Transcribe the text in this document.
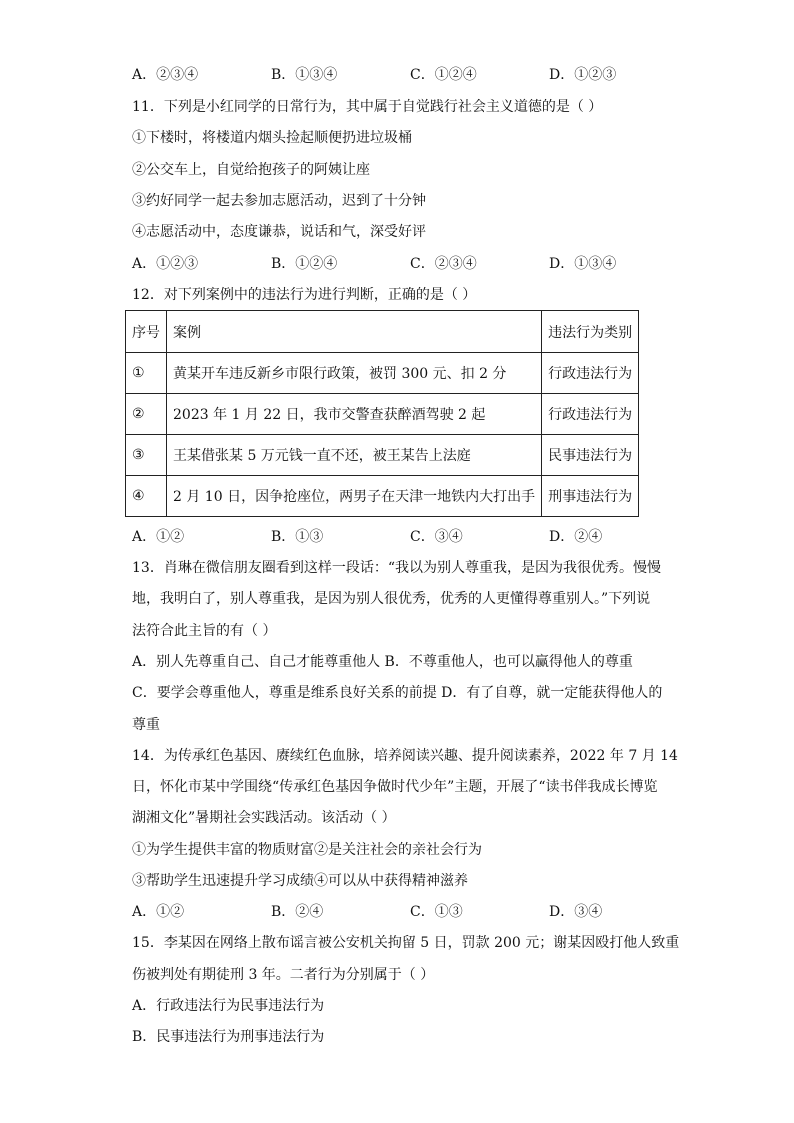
A．②③④	B．①③④	C．①②④	D．①②③
11．下列是小红同学的日常行为，其中属于自觉践行社会主义道德的是（ ）
①下楼时，将楼道内烟头捡起顺便扔进垃圾桶
②公交车上，自觉给抱孩子的阿姨让座
③约好同学一起去参加志愿活动，迟到了十分钟
④志愿活动中，态度谦恭，说话和气，深受好评
A．①②③	B．①②④	C．②③④	D．①③④
12．对下列案例中的违法行为进行判断，正确的是（ ）
序号	案例	违法行为类别
①	黄某开车违反新乡市限行政策，被罚 300 元、扣 2 分	行政违法行为
②	2023 年 1 月 22 日，我市交警查获醉酒驾驶 2 起	行政违法行为
③	王某借张某 5 万元钱一直不还，被王某告上法庭	民事违法行为
④	2 月 10 日，因争抢座位，两男子在天津一地铁内大打出手	刑事违法行为
A．①②	B．①③	C．③④	D．②④
13．肖琳在微信朋友圈看到这样一段话：“我以为别人尊重我，是因为我很优秀。慢慢
地，我明白了，别人尊重我，是因为别人很优秀，优秀的人更懂得尊重别人。”下列说
法符合此主旨的有（ ）
A．别人先尊重自己、自己才能尊重他人 B．不尊重他人，也可以赢得他人的尊重
C．要学会尊重他人，尊重是维系良好关系的前提 D．有了自尊，就一定能获得他人的
尊重
14．为传承红色基因、赓续红色血脉，培养阅读兴趣、提升阅读素养，2022 年 7 月 14
日，怀化市某中学围绕“传承红色基因争做时代少年”主题，开展了“读书伴我成长博览
湖湘文化”暑期社会实践活动。该活动（ ）
①为学生提供丰富的物质财富②是关注社会的亲社会行为
③帮助学生迅速提升学习成绩④可以从中获得精神滋养
A．①②	B．②④	C．①③	D．③④
15．李某因在网络上散布谣言被公安机关拘留 5 日，罚款 200 元；谢某因殴打他人致重
伤被判处有期徒刑 3 年。二者行为分别属于（ ）
A．行政违法行为民事违法行为
B．民事违法行为刑事违法行为
